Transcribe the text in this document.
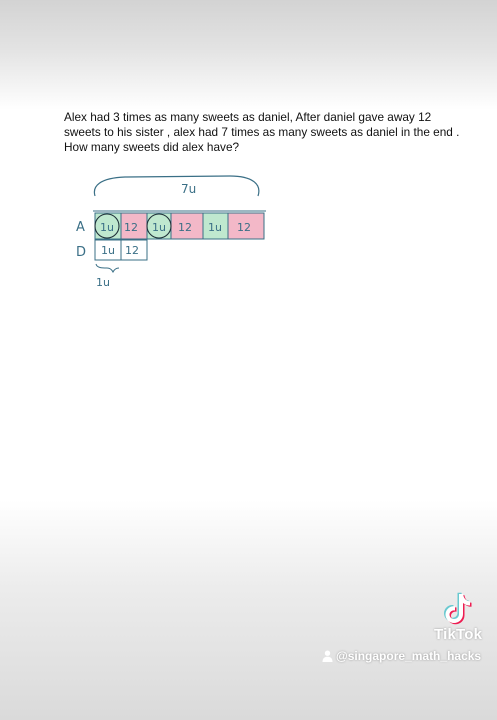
Alex had 3 times as many sweets as daniel, After daniel gave away 12 sweets to his sister , alex had 7 times as many sweets as daniel in the end . How many sweets did alex have?
7u
A 1u 12 1u 12 1u 12
D 1u 12
1u
TikTok
@singapore_math_hacks
